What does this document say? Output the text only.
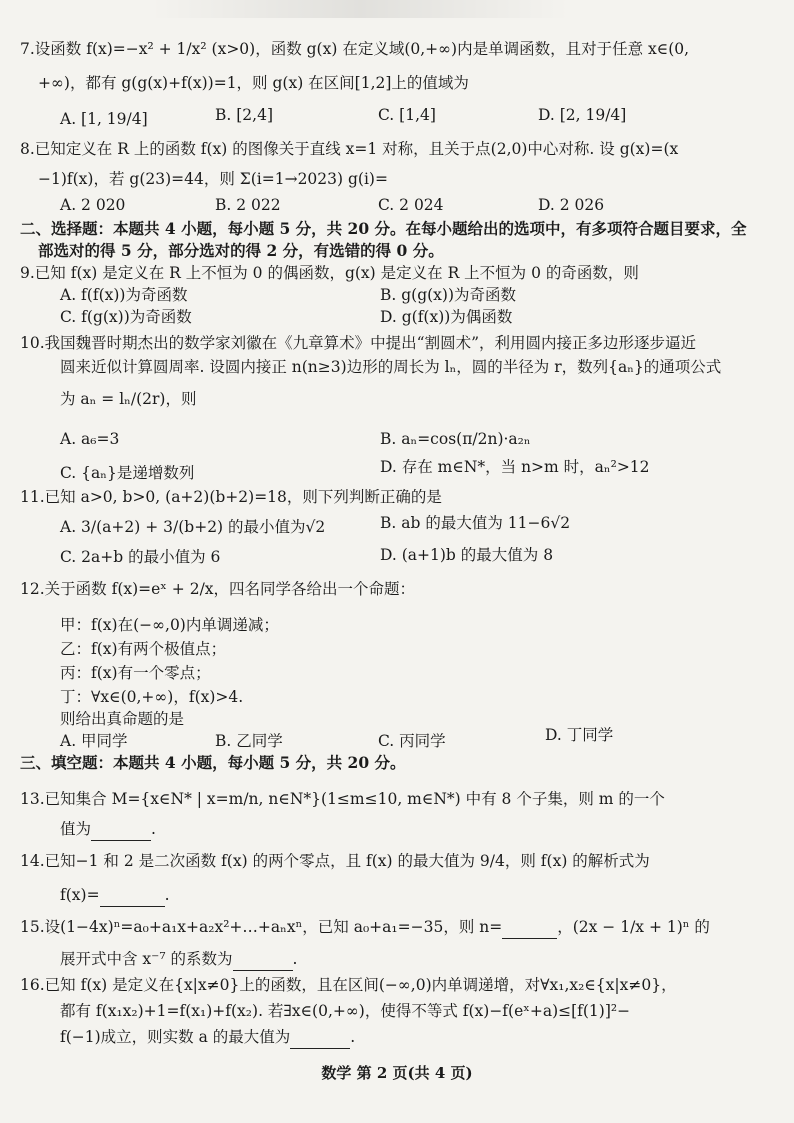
7.设函数 f(x)=−x² + 1/x² (x>0)，函数 g(x) 在定义域(0,+∞)内是单调函数，且对于任意 x∈(0,
+∞)，都有 g(g(x)+f(x))=1，则 g(x) 在区间[1,2]上的值域为
A. [1, 19/4]	B. [2,4]	C. [1,4]	D. [2, 19/4]
8.已知定义在 R 上的函数 f(x) 的图像关于直线 x=1 对称，且关于点(2,0)中心对称. 设 g(x)=(x
−1)f(x)，若 g(23)=44，则 Σ(i=1→2023) g(i)=
A. 2 020	B. 2 022	C. 2 024	D. 2 026
二、选择题：本题共 4 小题，每小题 5 分，共 20 分。在每小题给出的选项中，有多项符合题目要求，全
部选对的得 5 分，部分选对的得 2 分，有选错的得 0 分。
9.已知 f(x) 是定义在 R 上不恒为 0 的偶函数，g(x) 是定义在 R 上不恒为 0 的奇函数，则
A. f(f(x))为奇函数	B. g(g(x))为奇函数
C. f(g(x))为奇函数	D. g(f(x))为偶函数
10.我国魏晋时期杰出的数学家刘徽在《九章算术》中提出“割圆术”，利用圆内接正多边形逐步逼近
圆来近似计算圆周率. 设圆内接正 n(n≥3)边形的周长为 lₙ，圆的半径为 r，数列{aₙ}的通项公式
为 aₙ = lₙ/(2r)，则
A. a₆=3	B. aₙ=cos(π/2n)·a₂ₙ
C. {aₙ}是递增数列	D. 存在 m∈N*，当 n>m 时，aₙ²>12
11.已知 a>0, b>0, (a+2)(b+2)=18，则下列判断正确的是
A. 3/(a+2) + 3/(b+2) 的最小值为√2	B. ab 的最大值为 11−6√2
C. 2a+b 的最小值为 6	D. (a+1)b 的最大值为 8
12.关于函数 f(x)=eˣ + 2/x，四名同学各给出一个命题：
甲：f(x)在(−∞,0)内单调递减；
乙：f(x)有两个极值点；
丙：f(x)有一个零点；
丁：∀x∈(0,+∞)，f(x)>4.
则给出真命题的是
A. 甲同学	B. 乙同学	C. 丙同学	D. 丁同学
三、填空题：本题共 4 小题，每小题 5 分，共 20 分。
13.已知集合 M={x∈N* | x=m/n, n∈N*}(1≤m≤10, m∈N*) 中有 8 个子集，则 m 的一个
值为	.
14.已知−1 和 2 是二次函数 f(x) 的两个零点，且 f(x) 的最大值为 9/4，则 f(x) 的解析式为
f(x)=	.
15.设(1−4x)ⁿ=a₀+a₁x+a₂x²+…+aₙxⁿ，已知 a₀+a₁=−35，则 n=	，(2x − 1/x + 1)ⁿ 的
展开式中含 x⁻⁷ 的系数为	.
16.已知 f(x) 是定义在{x|x≠0}上的函数，且在区间(−∞,0)内单调递增，对∀x₁,x₂∈{x|x≠0}，
都有 f(x₁x₂)+1=f(x₁)+f(x₂). 若∃x∈(0,+∞)，使得不等式 f(x)−f(eˣ+a)≤[f(1)]²−
f(−1)成立，则实数 a 的最大值为	.
数学 第 2 页(共 4 页)
